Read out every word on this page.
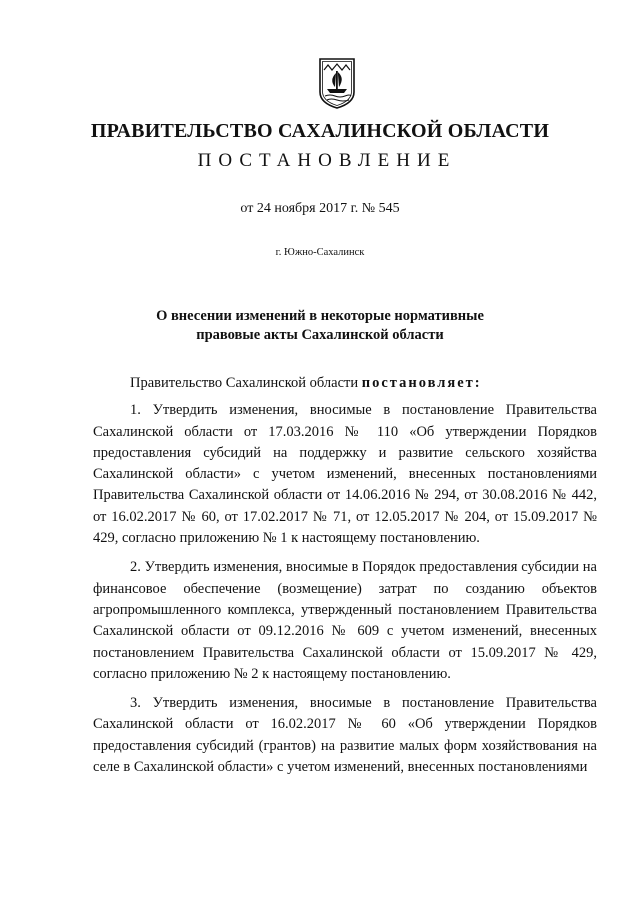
ПРАВИТЕЛЬСТВО САХАЛИНСКОЙ ОБЛАСТИ
ПОСТАНОВЛЕНИЕ
от 24 ноября 2017 г. № 545
г. Южно-Сахалинск
О внесении изменений в некоторые нормативные
правовые акты Сахалинской области

Правительство Сахалинской области постановляет:

1. Утвердить изменения, вносимые в постановление Правительства Сахалинской области от 17.03.2016 № 110 «Об утверждении Порядков предоставления субсидий на поддержку и развитие сельского хозяйства Сахалинской области» с учетом изменений, внесенных постановлениями Правительства Сахалинской области от 14.06.2016 № 294, от 30.08.2016 № 442, от 16.02.2017 № 60, от 17.02.2017 № 71, от 12.05.2017 № 204, от 15.09.2017 № 429, согласно приложению № 1 к настоящему постановлению.

2. Утвердить изменения, вносимые в Порядок предоставления субсидии на финансовое обеспечение (возмещение) затрат по созданию объектов агропромышленного комплекса, утвержденный постановлением Правительства Сахалинской области от 09.12.2016 № 609 с учетом изменений, внесенных постановлением Правительства Сахалинской области от 15.09.2017 № 429, согласно приложению № 2 к настоящему постановлению.

3. Утвердить изменения, вносимые в постановление Правительства Сахалинской области от 16.02.2017 № 60 «Об утверждении Порядков предоставления субсидий (грантов) на развитие малых форм хозяйствования на селе в Сахалинской области» с учетом изменений, внесенных постановлениями
